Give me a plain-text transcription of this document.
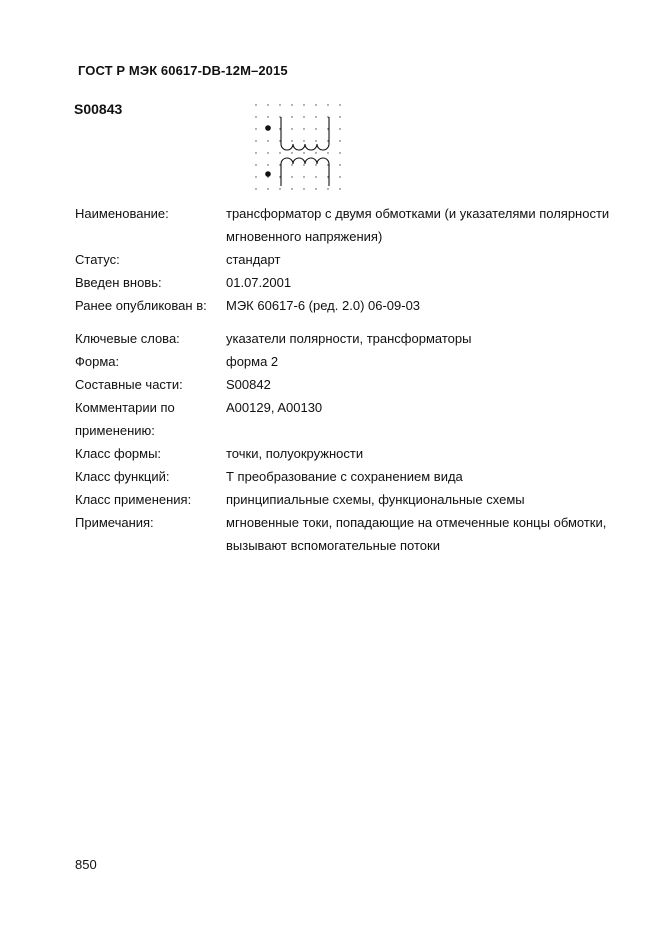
ГОСТ Р МЭК 60617-DB-12M–2015
S00843
Наименование:	трансформатор с двумя обмотками (и указателями полярности мгновенного напряжения)
Статус:	стандарт
Введен вновь:	01.07.2001
Ранее опубликован в:	МЭК 60617-6 (ред. 2.0) 06-09-03
Ключевые слова:	указатели полярности, трансформаторы
Форма:	форма 2
Составные части:	S00842
Комментарии по применению:
A00129, A00130
Класс формы:	точки, полуокружности
Класс функций:	Т преобразование с сохранением вида
Класс применения:	принципиальные схемы, функциональные схемы
Примечания:	мгновенные токи, попадающие на отмеченные концы обмотки, вызывают вспомогательные потоки
850
